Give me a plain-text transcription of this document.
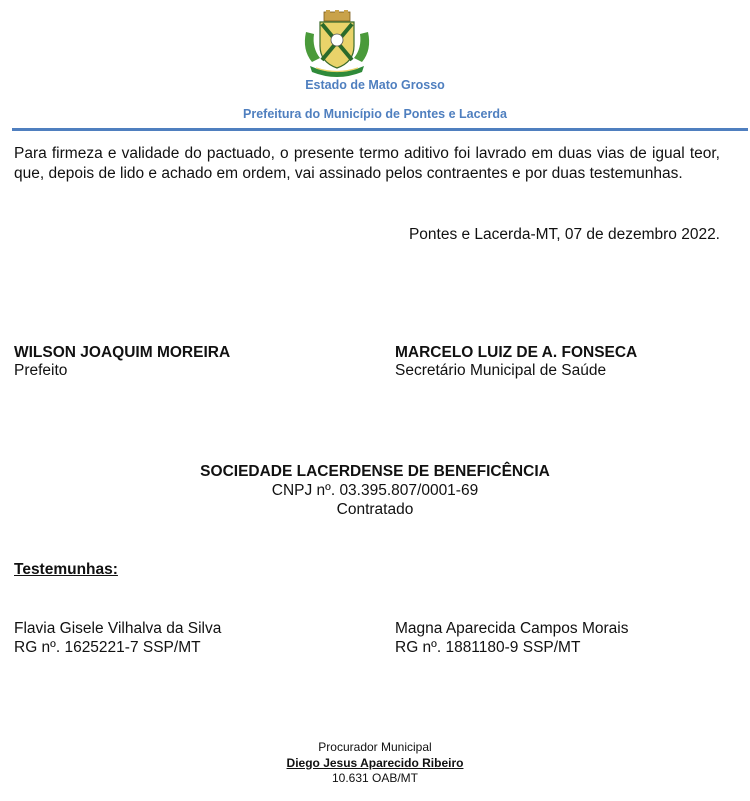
Estado de Mato Grosso
Prefeitura do Município de Pontes e Lacerda
Para firmeza e validade do pactuado, o presente termo aditivo foi lavrado em duas vias de igual teor, que, depois de lido e achado em ordem, vai assinado pelos contraentes e por duas testemunhas.
Pontes e Lacerda-MT, 07 de dezembro 2022.
WILSON JOAQUIM MOREIRA
Prefeito
MARCELO LUIZ DE A. FONSECA
Secretário Municipal de Saúde
SOCIEDADE LACERDENSE DE BENEFICÊNCIA
CNPJ nº. 03.395.807/0001-69
Contratado
Testemunhas:
Flavia Gisele Vilhalva da Silva
RG nº. 1625221-7 SSP/MT
Magna Aparecida Campos Morais
RG nº. 1881180-9 SSP/MT
Procurador Municipal
Diego Jesus Aparecido Ribeiro
10.631 OAB/MT
